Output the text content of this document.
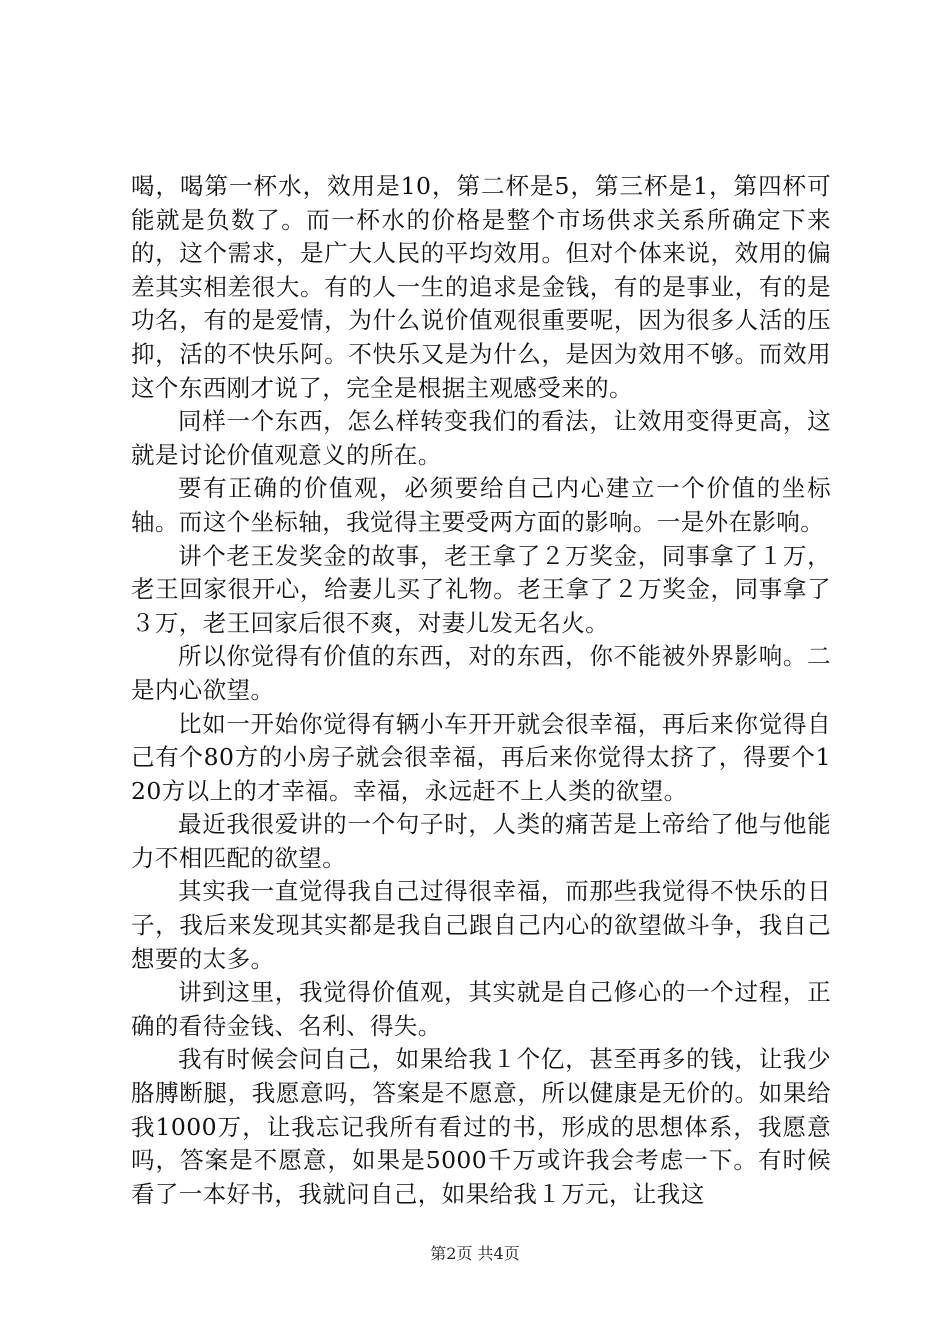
喝，喝第一杯水，效用是10，第二杯是5，第三杯是1，第四杯可能就是负数了。而一杯水的价格是整个市场供求关系所确定下来的，这个需求，是广大人民的平均效用。但对个体来说，效用的偏差其实相差很大。有的人一生的追求是金钱，有的是事业，有的是功名，有的是爱情，为什么说价值观很重要呢，因为很多人活的压抑，活的不快乐阿。不快乐又是为什么，是因为效用不够。而效用这个东西刚才说了，完全是根据主观感受来的。

同样一个东西，怎么样转变我们的看法，让效用变得更高，这就是讨论价值观意义的所在。

要有正确的价值观，必须要给自己内心建立一个价值的坐标轴。而这个坐标轴，我觉得主要受两方面的影响。一是外在影响。

讲个老王发奖金的故事，老王拿了２万奖金，同事拿了１万，老王回家很开心，给妻儿买了礼物。老王拿了２万奖金，同事拿了３万，老王回家后很不爽，对妻儿发无名火。

所以你觉得有价值的东西，对的东西，你不能被外界影响。二是内心欲望。

比如一开始你觉得有辆小车开开就会很幸福，再后来你觉得自己有个80方的小房子就会很幸福，再后来你觉得太挤了，得要个120方以上的才幸福。幸福，永远赶不上人类的欲望。

最近我很爱讲的一个句子时，人类的痛苦是上帝给了他与他能力不相匹配的欲望。

其实我一直觉得我自己过得很幸福，而那些我觉得不快乐的日子，我后来发现其实都是我自己跟自己内心的欲望做斗争，我自己想要的太多。

讲到这里，我觉得价值观，其实就是自己修心的一个过程，正确的看待金钱、名利、得失。

我有时候会问自己，如果给我１个亿，甚至再多的钱，让我少胳膊断腿，我愿意吗，答案是不愿意，所以健康是无价的。如果给我1000万，让我忘记我所有看过的书，形成的思想体系，我愿意吗，答案是不愿意，如果是5000千万或许我会考虑一下。有时候看了一本好书，我就问自己，如果给我１万元，让我这

第2页 共4页
